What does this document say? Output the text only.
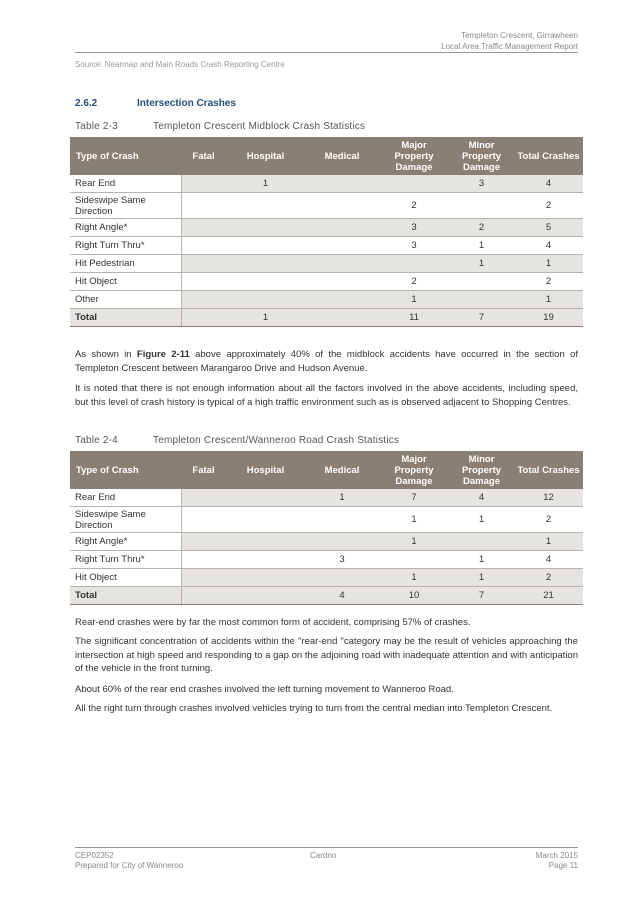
Templeton Crescent, Girrawheen
Local Area Traffic Management Report
Source: Nearmap and Main Roads Crash Reporting Centre
2.6.2	Intersection Crashes
Table 2-3	Templeton Crescent Midblock Crash Statistics
Type of Crash	Fatal	Hospital	Medical	Major Property Damage	Minor Property Damage	Total Crashes
Rear End		1			3	4
Sideswipe Same Direction				2		2
Right Angle*				3	2	5
Right Turn Thru*				3	1	4
Hit Pedestrian					1	1
Hit Object				2		2
Other				1		1
Total		1		11	7	19
As shown in Figure 2-11 above approximately 40% of the midblock accidents have occurred in the section of Templeton Crescent between Marangaroo Drive and Hudson Avenue.
It is noted that there is not enough information about all the factors involved in the above accidents, including speed, but this level of crash history is typical of a high traffic environment such as is observed adjacent to Shopping Centres.
Table 2-4	Templeton Crescent/Wanneroo Road Crash Statistics
Type of Crash	Fatal	Hospital	Medical	Major Property Damage	Minor Property Damage	Total Crashes
Rear End			1	7	4	12
Sideswipe Same Direction				1	1	2
Right Angle*				1		1
Right Turn Thru*			3		1	4
Hit Object				1	1	2
Total			4	10	7	21
Rear-end crashes were by far the most common form of accident, comprising 57% of crashes.
The significant concentration of accidents within the "rear-end "category may be the result of vehicles approaching the intersection at high speed and responding to a gap on the adjoining road with inadequate attention and with anticipation of the vehicle in the front turning.
About 60% of the rear end crashes involved the left turning movement to Wanneroo Road.
All the right turn through crashes involved vehicles trying to turn from the central median into Templeton Crescent.
CEP02352
Prepared for City of Wanneroo
Cardno	March 2015
Page 11
